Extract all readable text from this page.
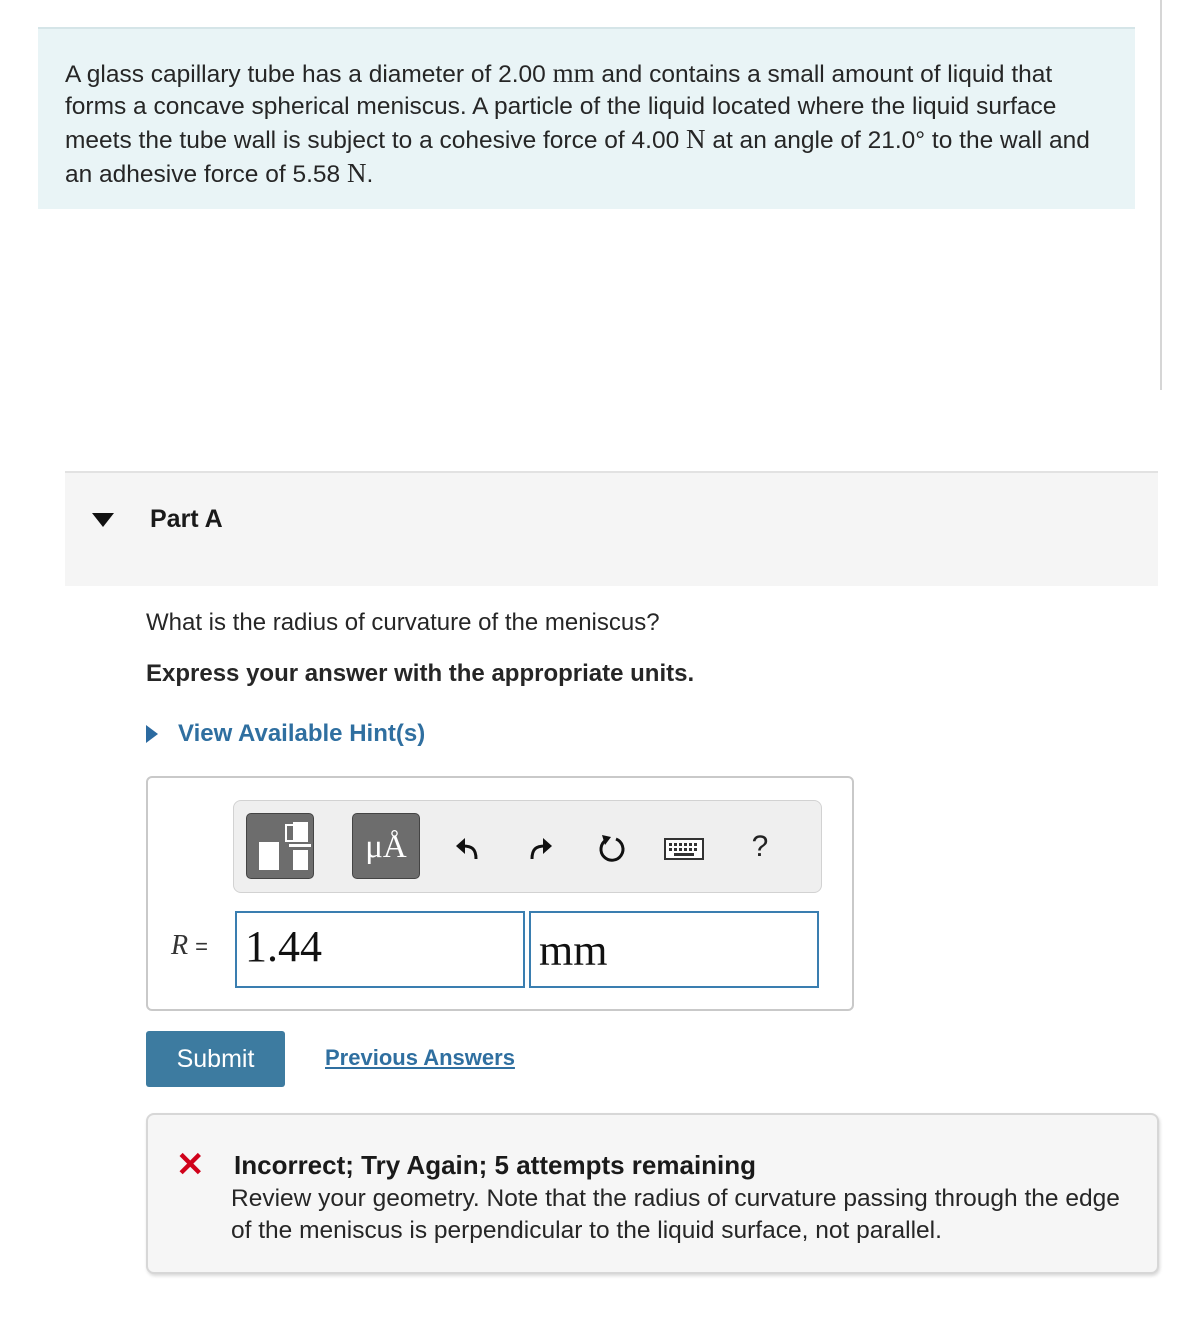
A glass capillary tube has a diameter of 2.00 mm and contains a small amount of liquid that forms a concave spherical meniscus. A particle of the liquid located where the liquid surface meets the tube wall is subject to a cohesive force of 4.00 N at an angle of 21.0° to the wall and an adhesive force of 5.58 N.
Part A
What is the radius of curvature of the meniscus?
Express your answer with the appropriate units.
View Available Hint(s)
μÅ	?
R = 1.44	mm
Submit	Previous Answers
✕ Incorrect; Try Again; 5 attempts remaining
Review your geometry. Note that the radius of curvature passing through the edge of the meniscus is perpendicular to the liquid surface, not parallel.
